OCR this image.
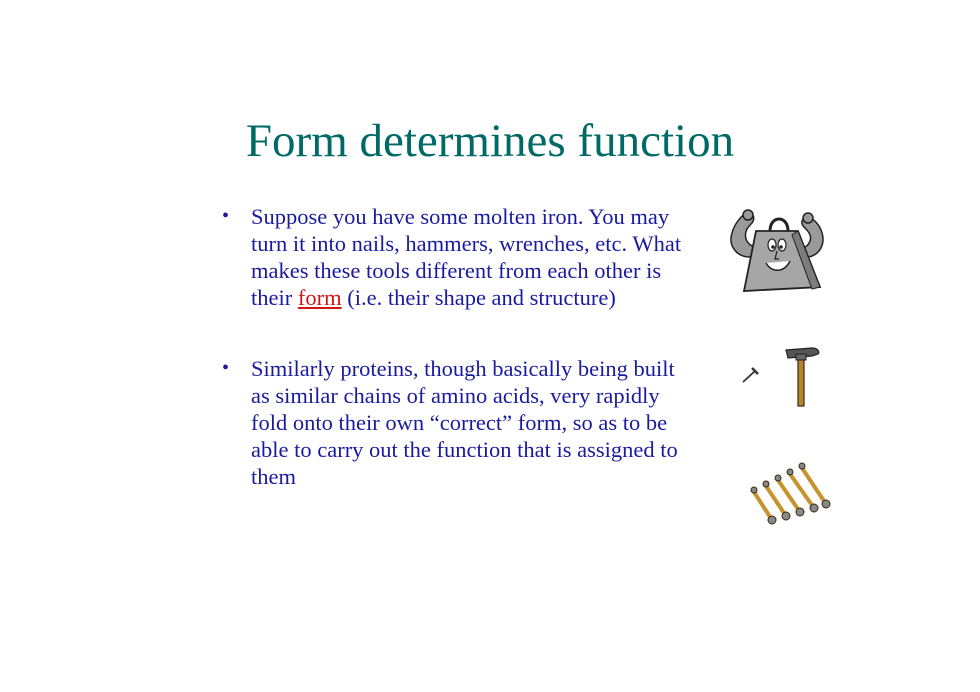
Form determines function
• Suppose you have some molten iron. You may turn it into nails, hammers, wrenches, etc. What makes these tools different from each other is their form (i.e. their shape and structure)
• Similarly proteins, though basically being built as similar chains of amino acids, very rapidly fold onto their own “correct” form, so as to be able to carry out the function that is assigned to them
